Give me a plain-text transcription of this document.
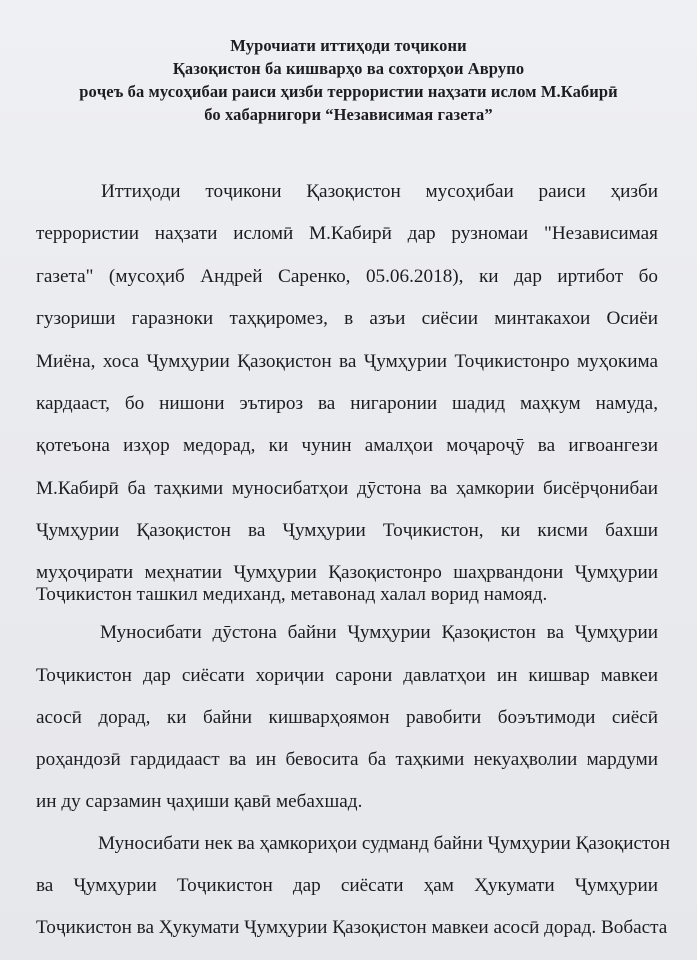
Мурочиати иттиҳоди тоҷикони
Қазоқистон ба кишварҳо ва сохторҳои Аврупо
роҷеъ ба мусоҳибаи раиси ҳизби террористии наҳзати ислом М.Кабирӣ
бо хабарнигори “Независимая газета”
Иттиҳоди тоҷикони Қазоқистон мусоҳибаи раиси ҳизби
террористии наҳзати исломӣ М.Кабирӣ дар рузномаи "Независимая
газета" (мусоҳиб Андрей Саренко, 05.06.2018), ки дар иртибот бо
гузориши гаразноки таҳқиромез, в азъи сиёсии минтакахои Осиёи
Миёна, хоса Ҷумҳурии Қазоқистон ва Ҷумҳурии Тоҷикистонро муҳокима
кардааст, бо нишони эътироз ва нигаронии шадид маҳкум намуда,
қотеъона изҳор медорад, ки чунин амалҳои моҷароҷӯ ва игвоангези
М.Кабирӣ ба таҳкими муносибатҳои дӯстона ва ҳамкории бисёрҷонибаи
Ҷумҳурии Қазоқистон ва Ҷумҳурии Тоҷикистон, ки кисми бахши
муҳоҷирати меҳнатии Ҷумҳурии Қазоқистонро шаҳрвандони Ҷумҳурии
Тоҷикистон ташкил медиханд, метавонад халал ворид намояд.
Муносибати дӯстона байни Ҷумҳурии Қазоқистон ва Ҷумҳурии
Тоҷикистон дар сиёсати хориҷии сарони давлатҳои ин кишвар мавкеи
асосӣ дорад, ки байни кишварҳоямон равобити боэътимоди сиёсӣ
роҳандозӣ гардидааст ва ин бевосита ба таҳкими некуаҳволии мардуми
ин ду сарзамин ҷаҳиши қавӣ мебахшад.
Муносибати нек ва ҳамкориҳои судманд байни Ҷумҳурии Қазоқистон
ва Ҷумҳурии Тоҷикистон дар сиёсати ҳам Ҳукумати Ҷумҳурии
Тоҷикистон ва Ҳукумати Ҷумҳурии Қазоқистон мавкеи асосӣ дорад. Вобаста
